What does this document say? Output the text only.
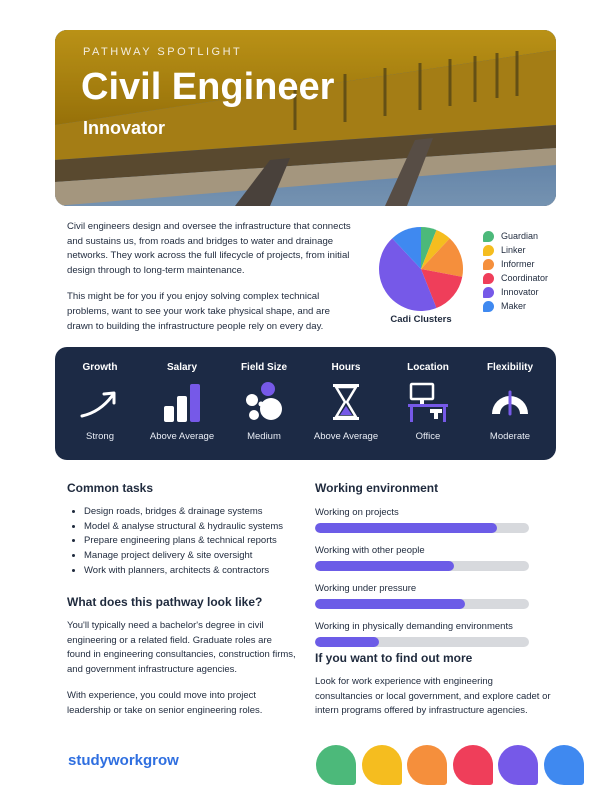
PATHWAY SPOTLIGHT
Civil Engineer
Innovator

Civil engineers design and oversee the infrastructure that connects and sustains us, from roads and bridges to water and drainage networks. They work across the full lifecycle of projects, from initial design through to long-term maintenance.

This might be for you if you enjoy solving complex technical problems, want to see your work take physical shape, and are drawn to building the infrastructure people rely on every day.

Cadi Clusters
Guardian
Linker
Informer
Coordinator
Innovator
Maker
Growth
Strong
Salary
Above Average
Field Size
Medium
Hours
Above Average
Location
Office
Flexibility
Moderate
Common tasks
• Design roads, bridges & drainage systems
• Model & analyse structural & hydraulic systems
• Prepare engineering plans & technical reports
• Manage project delivery & site oversight
• Work with planners, architects & contractors
What does this pathway look like?

You'll typically need a bachelor's degree in civil engineering or a related field. Graduate roles are found in engineering consultancies, construction firms, and government infrastructure agencies.

With experience, you could move into project leadership or take on senior engineering roles.

Working environment
Working on projects
Working with other people
Working under pressure
Working in physically demanding environments
If you want to find out more

Look for work experience with engineering consultancies or local government, and explore cadet or intern programs offered by infrastructure agencies.

studyworkgrow
